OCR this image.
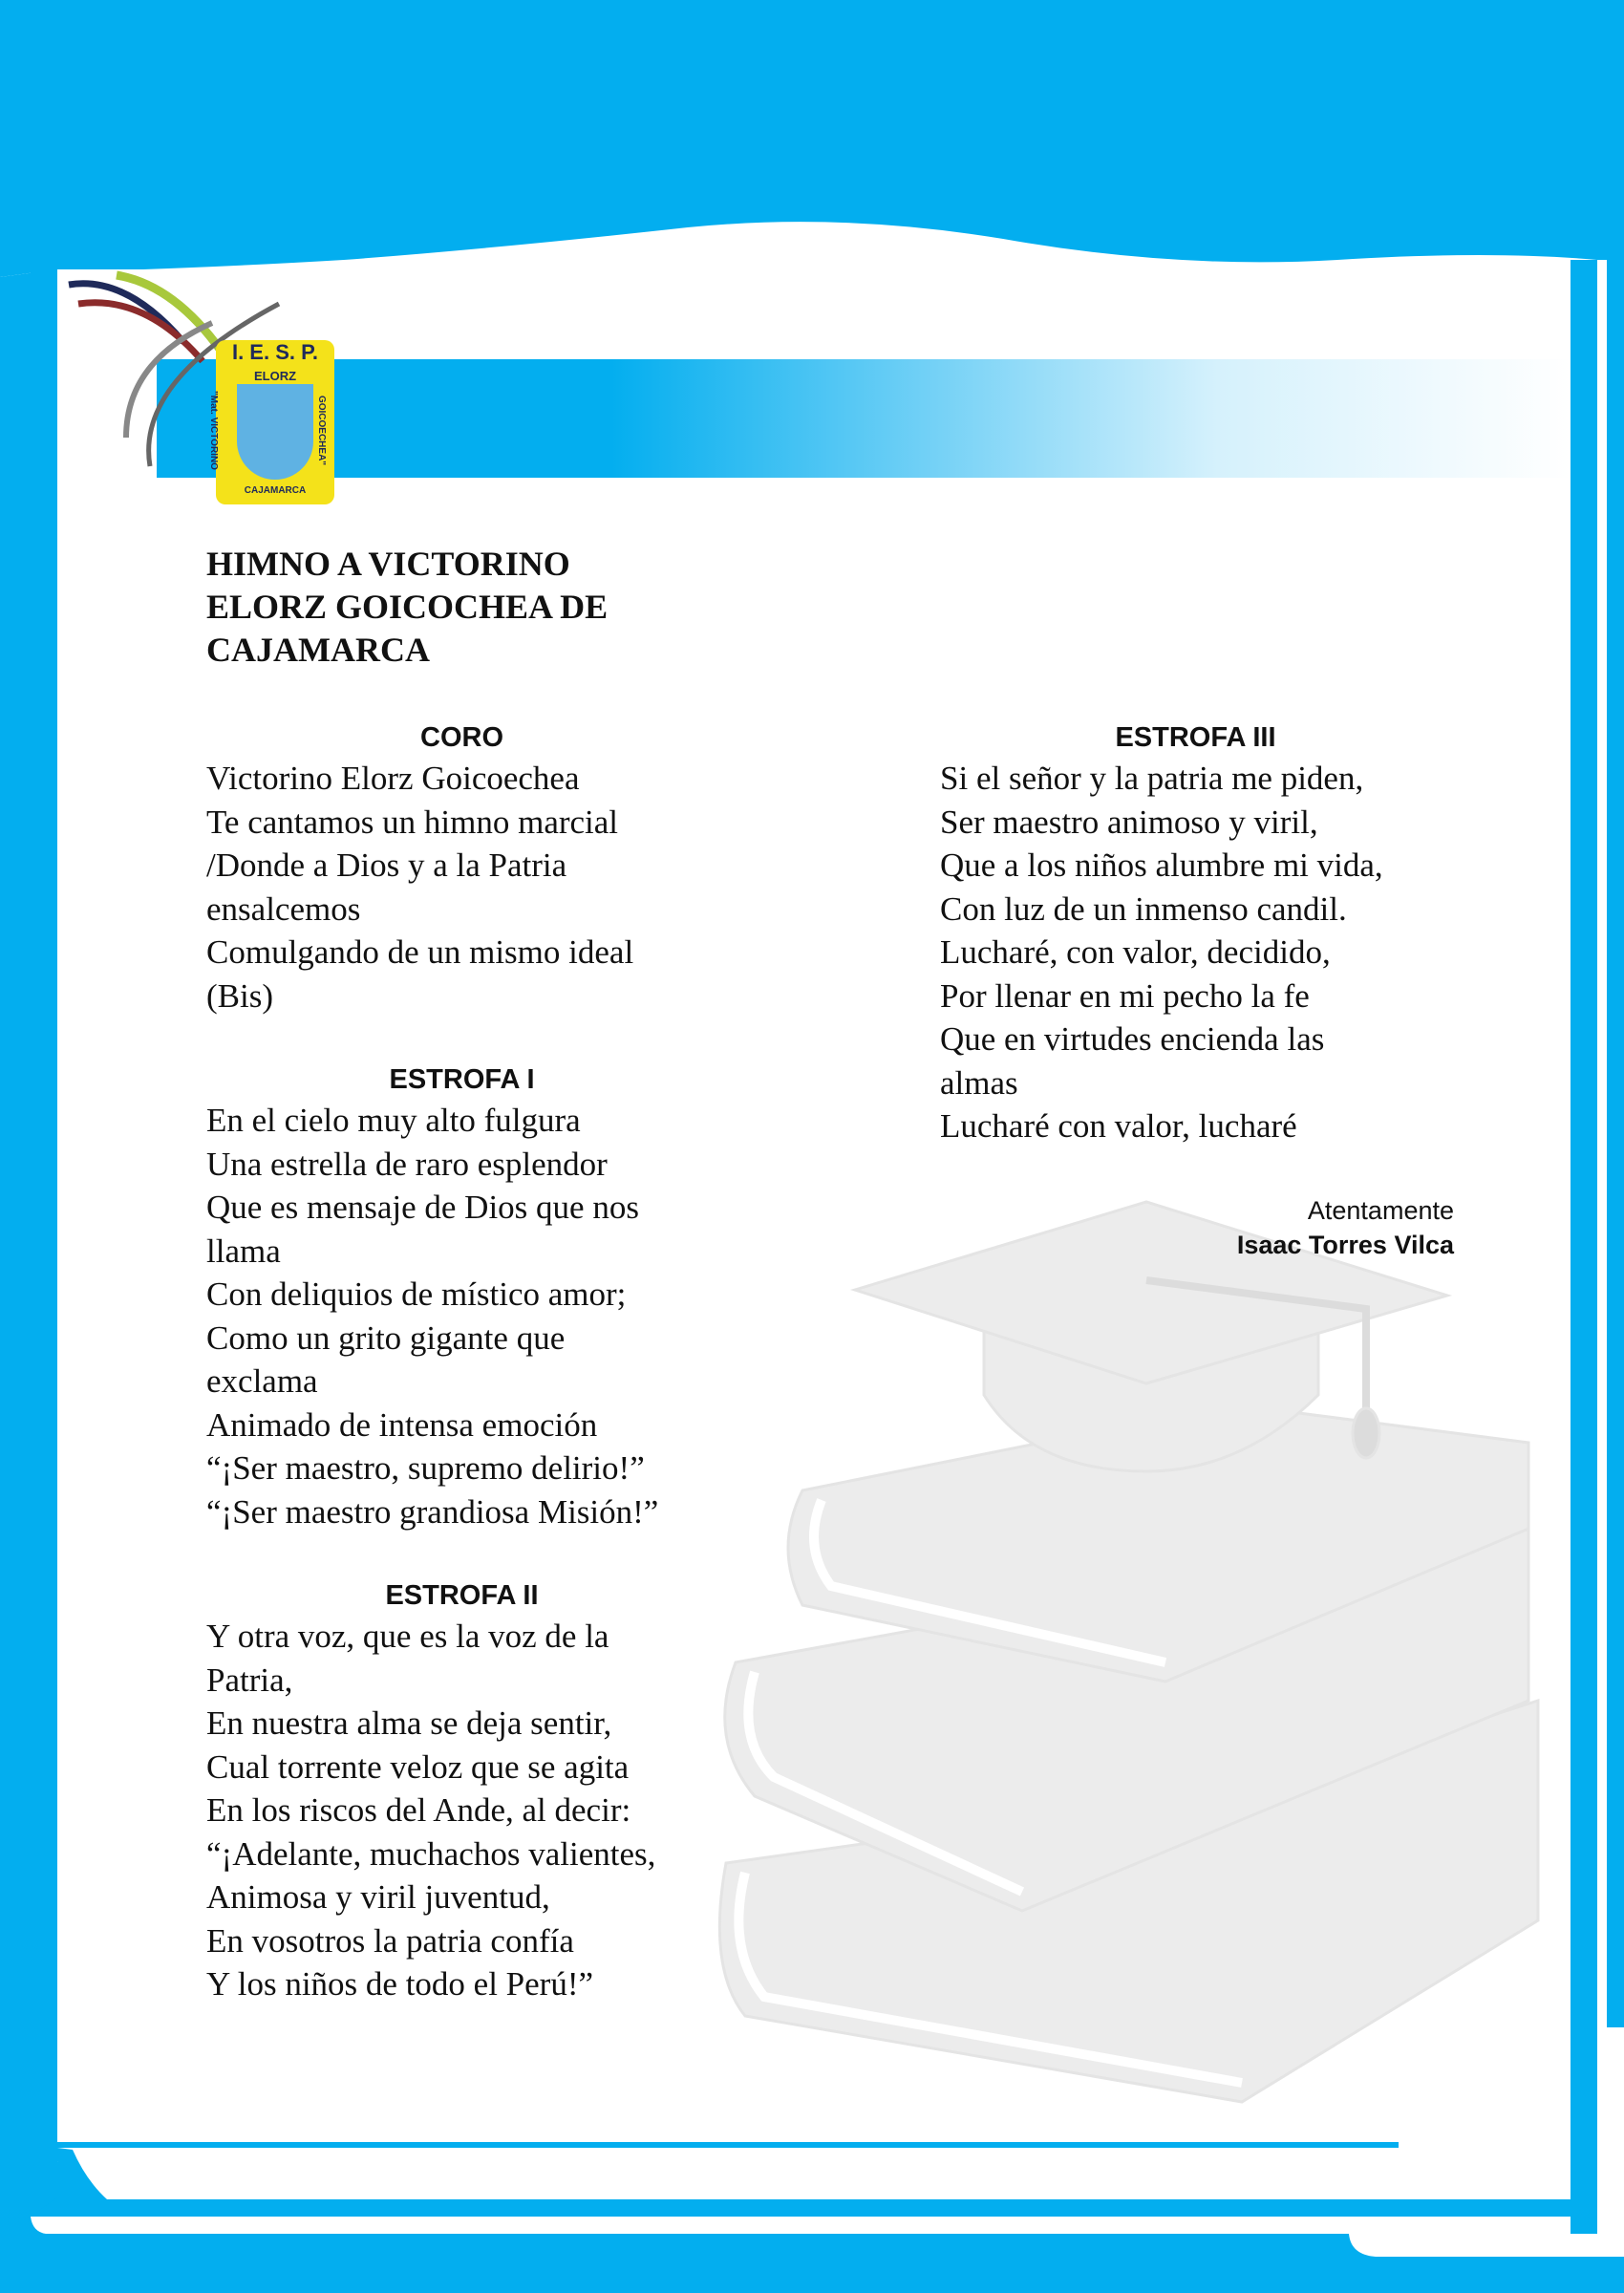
I. E. S. P.
ELORZ
"Mat. VICTORINO	GOICOECHEA"
CAJAMARCA
HIMNO A VICTORINO
ELORZ GOICOCHEA DE
CAJAMARCA
CORO
Victorino Elorz Goicoechea
Te cantamos un himno marcial
/Donde a Dios y a la Patria
ensalcemos
Comulgando de un mismo ideal
(Bis)
ESTROFA I
En el cielo muy alto fulgura
Una estrella de raro esplendor
Que es mensaje de Dios que nos
llama
Con deliquios de místico amor;
Como un grito gigante que
exclama
Animado de intensa emoción
“¡Ser maestro, supremo delirio!”
“¡Ser maestro grandiosa Misión!”
ESTROFA II
Y otra voz, que es la voz de la
Patria,
En nuestra alma se deja sentir,
Cual torrente veloz que se agita
En los riscos del Ande, al decir:
“¡Adelante, muchachos valientes,
Animosa y viril juventud,
En vosotros la patria confía
Y los niños de todo el Perú!”
ESTROFA III
Si el señor y la patria me piden,
Ser maestro animoso y viril,
Que a los niños alumbre mi vida,
Con luz de un inmenso candil.
Lucharé, con valor, decidido,
Por llenar en mi pecho la fe
Que en virtudes encienda las
almas
Lucharé con valor, lucharé
Atentamente
Isaac Torres Vilca
